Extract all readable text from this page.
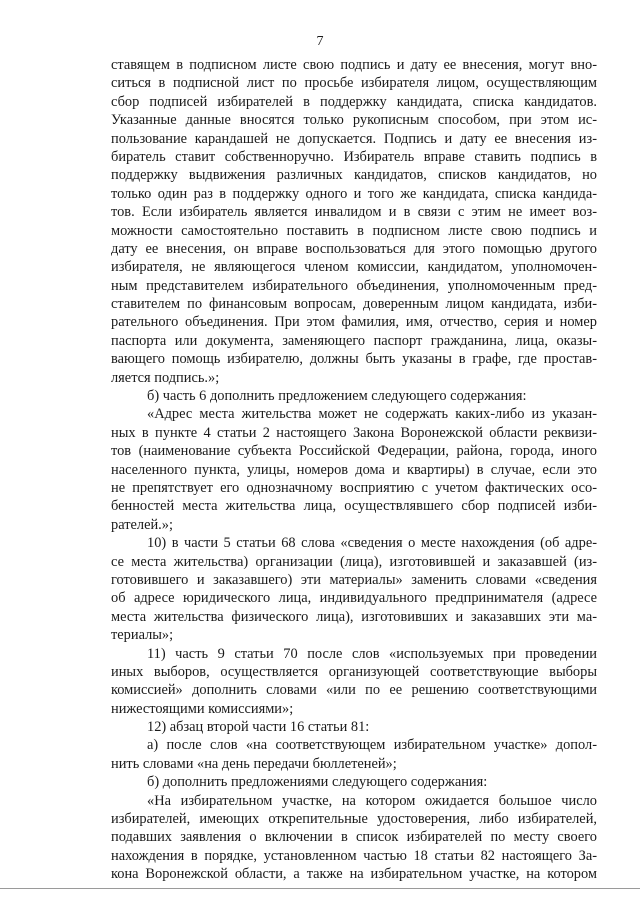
7
ставящем в подписном листе свою подпись и дату ее внесения, могут вно-
ситься в подписной лист по просьбе избирателя лицом, осуществляющим
сбор подписей избирателей в поддержку кандидата, списка кандидатов.
Указанные данные вносятся только рукописным способом, при этом ис-
пользование карандашей не допускается. Подпись и дату ее внесения из-
биратель ставит собственноручно. Избиратель вправе ставить подпись в
поддержку выдвижения различных кандидатов, списков кандидатов, но
только один раз в поддержку одного и того же кандидата, списка кандида-
тов. Если избиратель является инвалидом и в связи с этим не имеет воз-
можности самостоятельно поставить в подписном листе свою подпись и
дату ее внесения, он вправе воспользоваться для этого помощью другого
избирателя, не являющегося членом комиссии, кандидатом, уполномочен-
ным представителем избирательного объединения, уполномоченным пред-
ставителем по финансовым вопросам, доверенным лицом кандидата, изби-
рательного объединения. При этом фамилия, имя, отчество, серия и номер
паспорта или документа, заменяющего паспорт гражданина, лица, оказы-
вающего помощь избирателю, должны быть указаны в графе, где простав-
ляется подпись.»;
б) часть 6 дополнить предложением следующего содержания:
«Адрес места жительства может не содержать каких-либо из указан-
ных в пункте 4 статьи 2 настоящего Закона Воронежской области реквизи-
тов (наименование субъекта Российской Федерации, района, города, иного
населенного пункта, улицы, номеров дома и квартиры) в случае, если это
не препятствует его однозначному восприятию с учетом фактических осо-
бенностей места жительства лица, осуществлявшего сбор подписей изби-
рателей.»;
10) в части 5 статьи 68 слова «сведения о месте нахождения (об адре-
се места жительства) организации (лица), изготовившей и заказавшей (из-
готовившего и заказавшего) эти материалы» заменить словами «сведения
об адресе юридического лица, индивидуального предпринимателя (адресе
места жительства физического лица), изготовивших и заказавших эти ма-
териалы»;
11) часть 9 статьи 70 после слов «используемых при проведении
иных выборов, осуществляется организующей соответствующие выборы
комиссией» дополнить словами «или по ее решению соответствующими
нижестоящими комиссиями»;
12) абзац второй части 16 статьи 81:
а) после слов «на соответствующем избирательном участке» допол-
нить словами «на день передачи бюллетеней»;
б) дополнить предложениями следующего содержания:
«На избирательном участке, на котором ожидается большое число
избирателей, имеющих открепительные удостоверения, либо избирателей,
подавших заявления о включении в список избирателей по месту своего
нахождения в порядке, установленном частью 18 статьи 82 настоящего За-
кона Воронежской области, а также на избирательном участке, на котором
